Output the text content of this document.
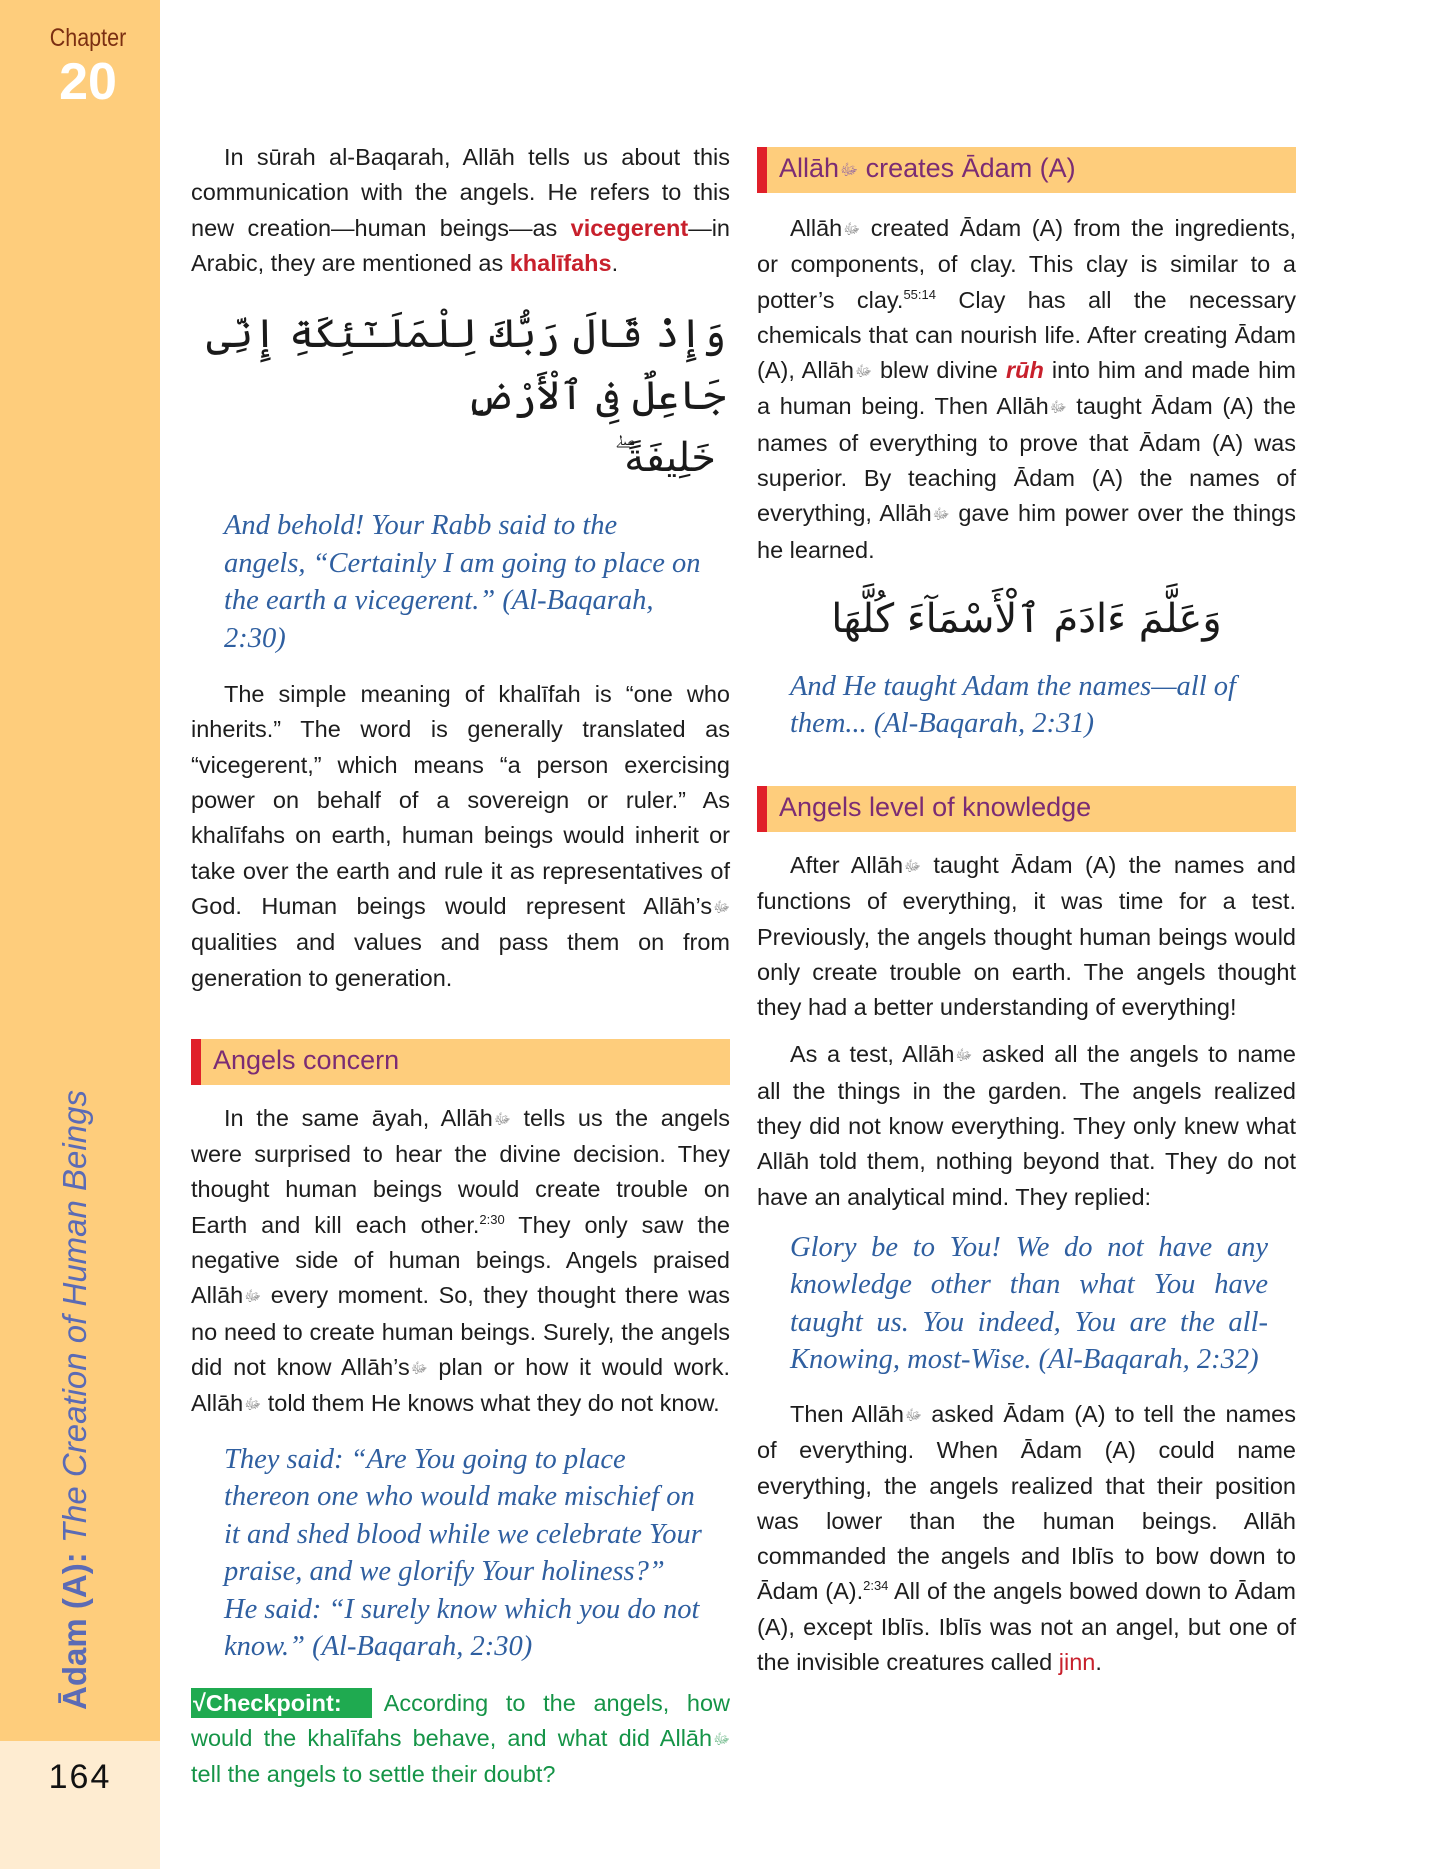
Chapter
20
Ādam (A): The Creation of Human Beings
164

In sūrah al-Baqarah, Allāh tells us about this communication with the angels. He refers to this new creation—human beings—as vicegerent—in Arabic, they are mentioned as khalīfahs.

وَإِذْ قَالَ رَبُّكَ لِلْمَلَـٰٓئِكَةِ إِنِّى جَاعِلٌ فِى ٱلْأَرْضِ
خَلِيفَةً ۖ

And behold! Your Rabb said to the angels, “Certainly I am going to place on the earth a vicegerent.” (Al-Baqarah, 2:30)

The simple meaning of khalīfah is “one who inherits.” The word is generally translated as “vicegerent,” which means “a person exercising power on behalf of a sovereign or ruler.” As khalīfahs on earth, human beings would inherit or take over the earth and rule it as representatives of God. Human beings would represent Allāh’sﷻ qualities and values and pass them on from generation to generation.

Angels concern

In the same āyah, Allāhﷻ tells us the angels were surprised to hear the divine decision. They thought human beings would create trouble on Earth and kill each other.$^{2:30}$ They only saw the negative side of human beings. Angels praised Allāhﷻ every moment. So, they thought there was no need to create human beings. Surely, the angels did not know Allāh’sﷻ plan or how it would work. Allāhﷻ told them He knows what they do not know.

They said: “Are You going to place thereon one who would make mischief on it and shed blood while we celebrate Your praise, and we glorify Your holiness?” He said: “I surely know which you do not know.” (Al-Baqarah, 2:30)

√Checkpoint: According to the angels, how would the khalīfahs behave, and what did Allāhﷻ tell the angels to settle their doubt?

Allāhﷻ creates Ādam (A)

Allāhﷻ created Ādam (A) from the ingredients, or components, of clay. This clay is similar to a potter’s clay.$^{55:14}$ Clay has all the necessary chemicals that can nourish life. After creating Ādam (A), Allāhﷻ blew divine rūh into him and made him a human being. Then Allāhﷻ taught Ādam (A) the names of everything to prove that Ādam (A) was superior. By teaching Ādam (A) the names of everything, Allāhﷻ gave him power over the things he learned.

وَعَلَّمَ ءَادَمَ ٱلْأَسْمَآءَ كُلَّهَا

And He taught Adam the names—all of them... (Al-Baqarah, 2:31)

Angels level of knowledge

After Allāhﷻ taught Ādam (A) the names and functions of everything, it was time for a test. Previously, the angels thought human beings would only create trouble on earth. The angels thought they had a better understanding of everything!

As a test, Allāhﷻ asked all the angels to name all the things in the garden. The angels realized they did not know everything. They only knew what Allāh told them, nothing beyond that. They do not have an analytical mind. They replied:

Glory be to You! We do not have any knowledge other than what You have taught us. You indeed, You are the all-Knowing, most-Wise. (Al-Baqarah, 2:32)

Then Allāhﷻ asked Ādam (A) to tell the names of everything. When Ādam (A) could name everything, the angels realized that their position was lower than the human beings. Allāh commanded the angels and Iblīs to bow down to Ādam (A).$^{2:34}$ All of the angels bowed down to Ādam (A), except Iblīs. Iblīs was not an angel, but one of the invisible creatures called jinn.
